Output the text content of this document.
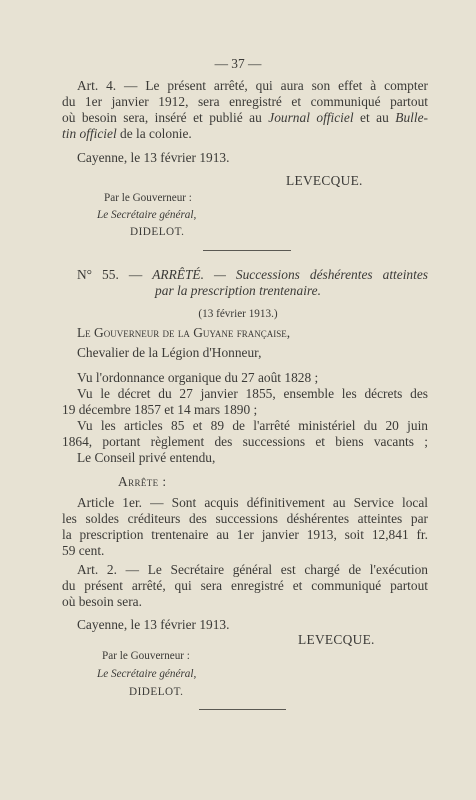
— 37 —
Art. 4. — Le présent arrêté, qui aura son effet à compter
du 1er janvier 1912, sera enregistré et communiqué partout
où besoin sera, inséré et publié au Journal officiel et au Bulle-
tin officiel de la colonie.
Cayenne, le 13 février 1913.
LEVECQUE.
Par le Gouverneur :
Le Secrétaire général,
DIDELOT.
N° 55. — ARRÊTÉ. — Successions déshérentes atteintes
par la prescription trentenaire.
(13 février 1913.)
Le Gouverneur de la Guyane française,
Chevalier de la Légion d'Honneur,
Vu l'ordonnance organique du 27 août 1828 ;
Vu le décret du 27 janvier 1855, ensemble les décrets des
19 décembre 1857 et 14 mars 1890 ;
Vu les articles 85 et 89 de l'arrêté ministériel du 20 juin
1864, portant règlement des successions et biens vacants ;
Le Conseil privé entendu,
Arrête :
Article 1er. — Sont acquis définitivement au Service local
les soldes créditeurs des successions déshérentes atteintes par
la prescription trentenaire au 1er janvier 1913, soit 12,841 fr.
59 cent.
Art. 2. — Le Secrétaire général est chargé de l'exécution
du présent arrêté, qui sera enregistré et communiqué partout
où besoin sera.
Cayenne, le 13 février 1913.
LEVECQUE.
Par le Gouverneur :
Le Secrétaire général,
DIDELOT.
